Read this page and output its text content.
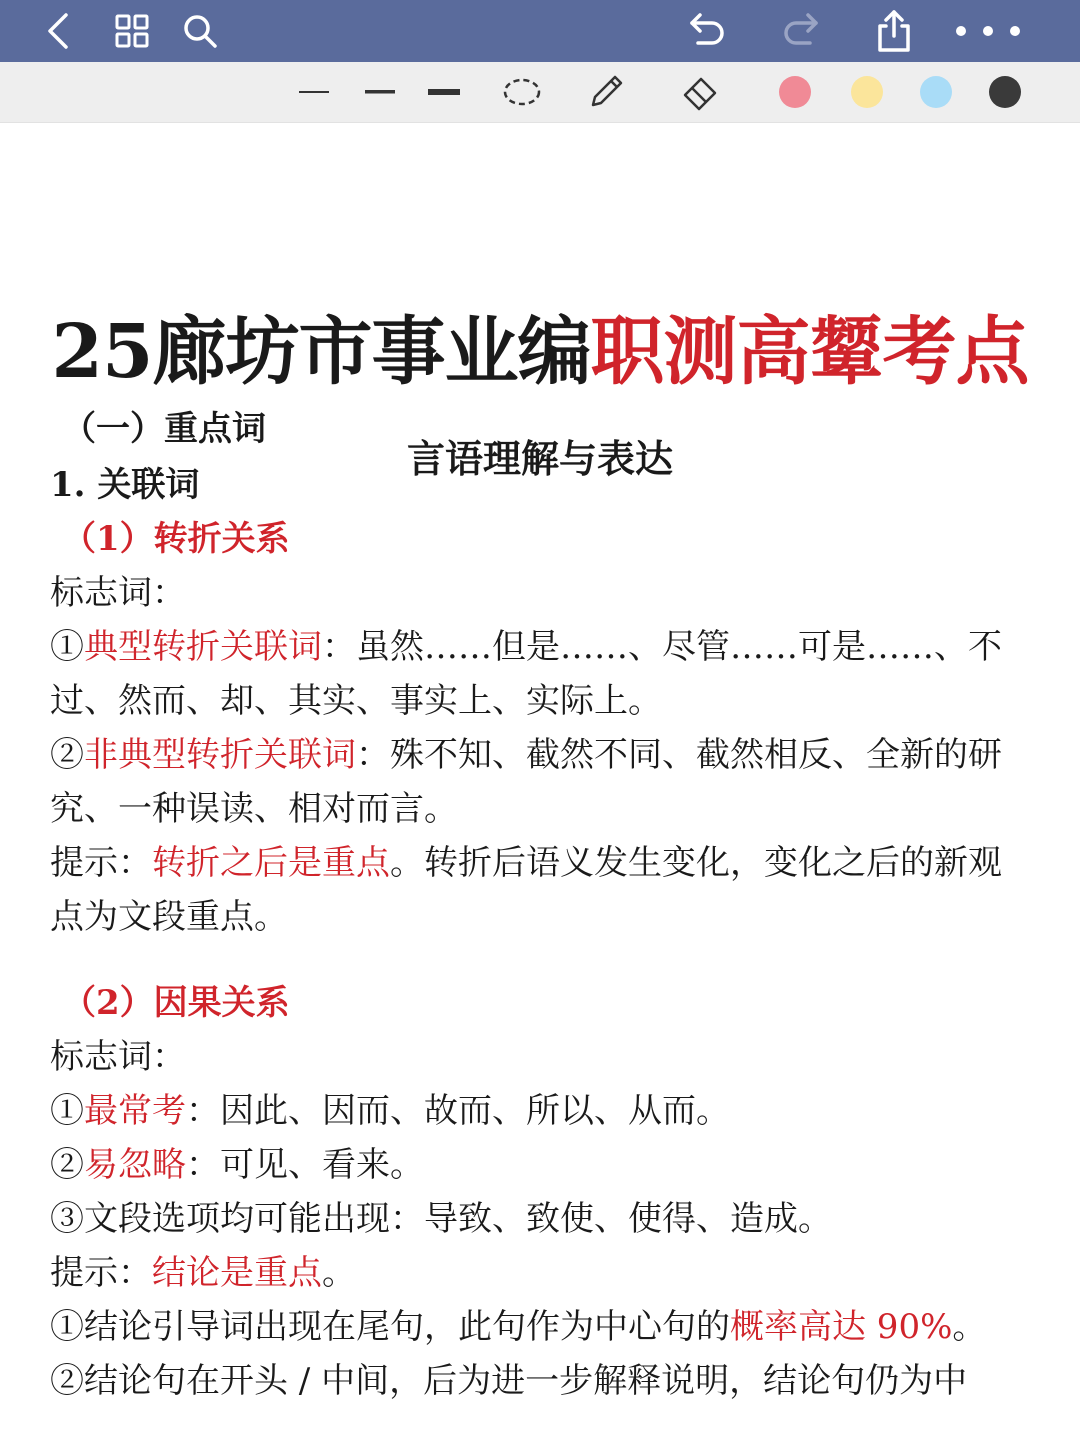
25廊坊市事业编职测高颦考点
言语理解与表达
（一）重点词
1. 关联词
（1）转折关系
标志词：
①典型转折关联词：虽然……但是……、尽管……可是……、不
过、然而、却、其实、事实上、实际上。
②非典型转折关联词：殊不知、截然不同、截然相反、全新的研
究、一种误读、相对而言。
提示：转折之后是重点。转折后语义发生变化，变化之后的新观
点为文段重点。
（2）因果关系
标志词：
①最常考：因此、因而、故而、所以、从而。
②易忽略：可见、看来。
③文段选项均可能出现：导致、致使、使得、造成。
提示：结论是重点。
①结论引导词出现在尾句，此句作为中心句的概率高达 90%。
②结论句在开头 / 中间，后为进一步解释说明，结论句仍为中
